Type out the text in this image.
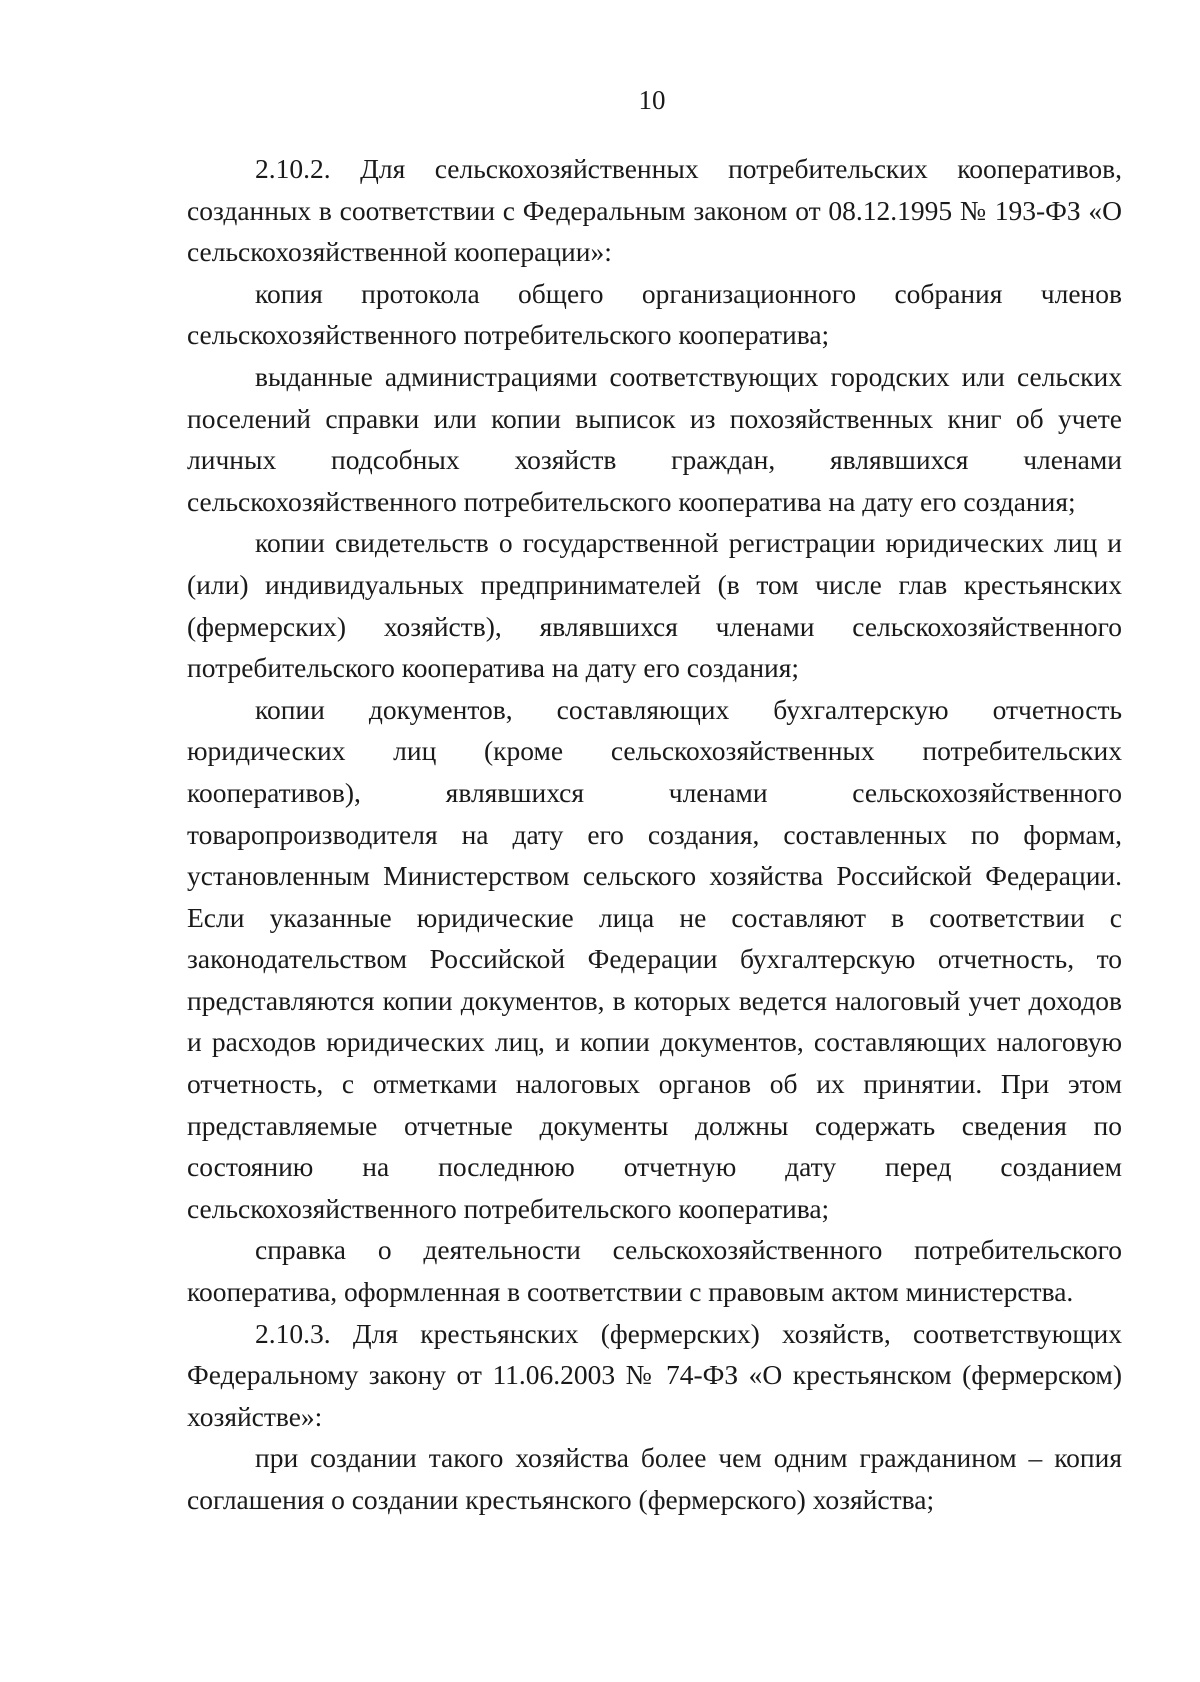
10

2.10.2. Для сельскохозяйственных потребительских кооперативов, созданных в соответствии с Федеральным законом от 08.12.1995 № 193-ФЗ «О сельскохозяйственной кооперации»:

копия протокола общего организационного собрания членов сельскохозяйственного потребительского кооператива;

выданные администрациями соответствующих городских или сельских поселений справки или копии выписок из похозяйственных книг об учете личных подсобных хозяйств граждан, являвшихся членами сельскохозяйственного потребительского кооператива на дату его создания;

копии свидетельств о государственной регистрации юридических лиц и (или) индивидуальных предпринимателей (в том числе глав крестьянских (фермерских) хозяйств), являвшихся членами сельскохозяйственного потребительского кооператива на дату его создания;

копии документов, составляющих бухгалтерскую отчетность юридических лиц (кроме сельскохозяйственных потребительских кооперативов), являвшихся членами сельскохозяйственного товаропроизводителя на дату его создания, составленных по формам, установленным Министерством сельского хозяйства Российской Федерации. Если указанные юридические лица не составляют в соответствии с законодательством Российской Федерации бухгалтерскую отчетность, то представляются копии документов, в которых ведется налоговый учет доходов и расходов юридических лиц, и копии документов, составляющих налоговую отчетность, с отметками налоговых органов об их принятии. При этом представляемые отчетные документы должны содержать сведения по состоянию на последнюю отчетную дату перед созданием сельскохозяйственного потребительского кооператива;

справка о деятельности сельскохозяйственного потребительского кооператива, оформленная в соответствии с правовым актом министерства.

2.10.3. Для крестьянских (фермерских) хозяйств, соответствующих Федеральному закону от 11.06.2003 № 74-ФЗ «О крестьянском (фермерском) хозяйстве»:

при создании такого хозяйства более чем одним гражданином – копия соглашения о создании крестьянского (фермерского) хозяйства;
